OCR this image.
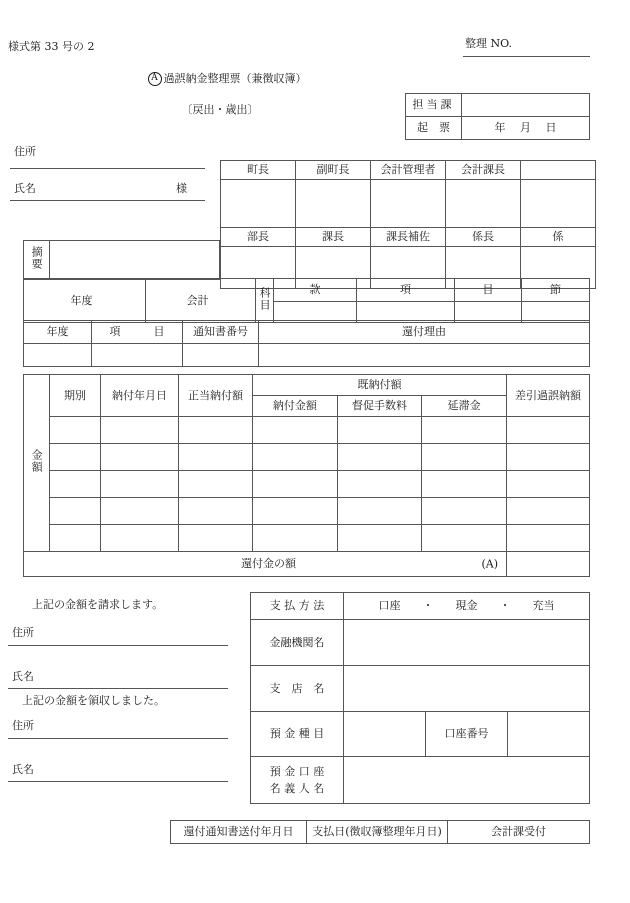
様式第 33 号の 2

A 過誤納金整理票（兼徴収簿）

〔戻出・歳出〕
整理 NO.
担当課	
起　票	年　 月　 日
住所
氏名	様
町長	副町長	会計管理者	会計課長	

部長	課長	課長補佐	係長	係

摘要	
年度	会計	科目	款	項	目	節

年度	項　　　目	通知書番号	還付理由

金額	期別	納付年月日	正当納付額	既納付額			差引過誤納額
				納付金額	督促手数料	延滞金	

還付金の額	(A)

上記の金額を請求します。
住所
氏名
上記の金額を領収しました。
住所
氏名
支 払 方 法	口座　　・　　現金　　・　　充当		
金融機関名			
支　店　名			
預 金 種 目		口座番号	

預 金 口 座
名 義 人 名			

還付通知書送付年月日	支払日(徴収簿整理年月日)	会計課受付
